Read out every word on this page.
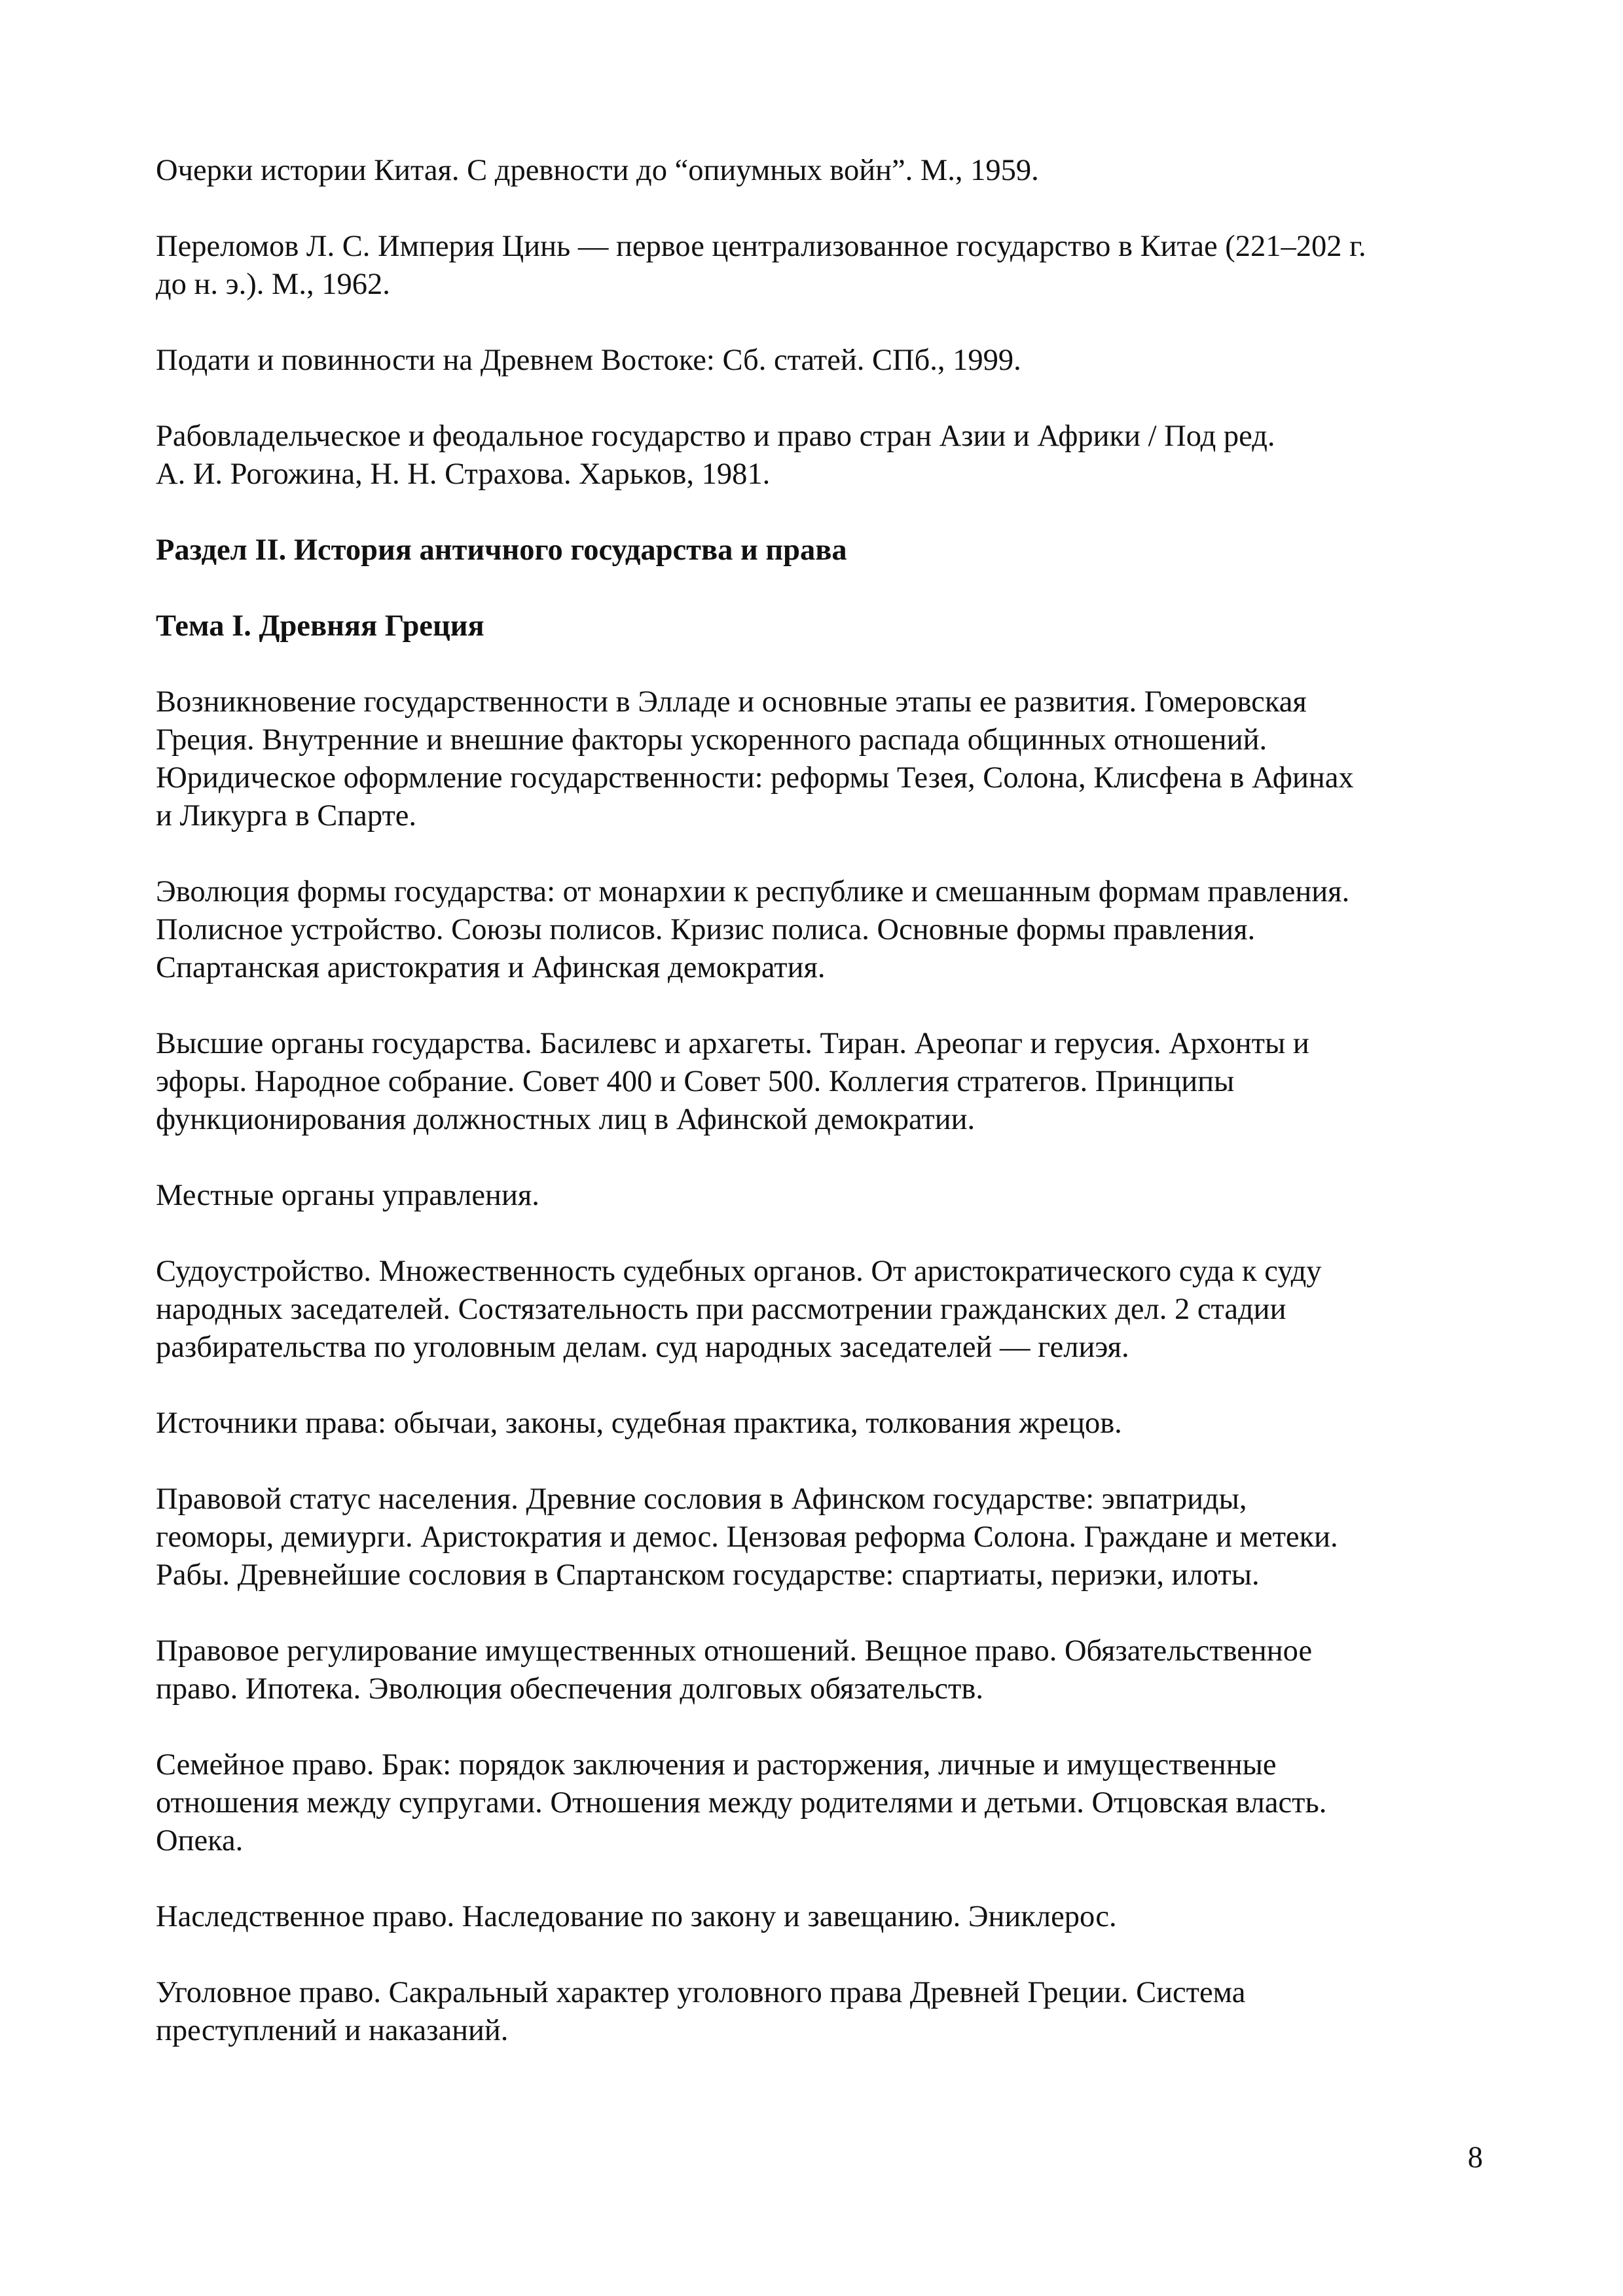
Очерки истории Китая. С древности до “опиумных войн”. М., 1959.

Переломов Л. С. Империя Цинь — первое централизованное государство в Китае (221–202 г.

до н. э.). М., 1962.

Подати и повинности на Древнем Востоке: Сб. статей. СПб., 1999.

Рабовладельческое и феодальное государство и право стран Азии и Африки / Под ред.

А. И. Рогожина, Н. Н. Страхова. Харьков, 1981.

Раздел II. История античного государства и права
Тема I. Древняя Греция

Возникновение государственности в Элладе и основные этапы ее развития. Гомеровская

Греция. Внутренние и внешние факторы ускоренного распада общинных отношений.

Юридическое оформление государственности: реформы Тезея, Солона, Клисфена в Афинах

и Ликурга в Спарте.

Эволюция формы государства: от монархии к республике и смешанным формам правления.

Полисное устройство. Союзы полисов. Кризис полиса. Основные формы правления.

Спартанская аристократия и Афинская демократия.

Высшие органы государства. Басилевс и архагеты. Тиран. Ареопаг и герусия. Архонты и

эфоры. Народное собрание. Совет 400 и Совет 500. Коллегия стратегов. Принципы

функционирования должностных лиц в Афинской демократии.

Местные органы управления.

Судоустройство. Множественность судебных органов. От аристократического суда к суду

народных заседателей. Состязательность при рассмотрении гражданских дел. 2 стадии

разбирательства по уголовным делам. суд народных заседателей — гелиэя.

Источники права: обычаи, законы, судебная практика, толкования жрецов.

Правовой статус населения. Древние сословия в Афинском государстве: эвпатриды,

геоморы, демиурги. Аристократия и демос. Цензовая реформа Солона. Граждане и метеки.

Рабы. Древнейшие сословия в Спартанском государстве: спартиаты, периэки, илоты.

Правовое регулирование имущественных отношений. Вещное право. Обязательственное

право. Ипотека. Эволюция обеспечения долговых обязательств.

Семейное право. Брак: порядок заключения и расторжения, личные и имущественные

отношения между супругами. Отношения между родителями и детьми. Отцовская власть.

Опека.

Наследственное право. Наследование по закону и завещанию. Эниклерос.

Уголовное право. Сакральный характер уголовного права Древней Греции. Система

преступлений и наказаний.

8
